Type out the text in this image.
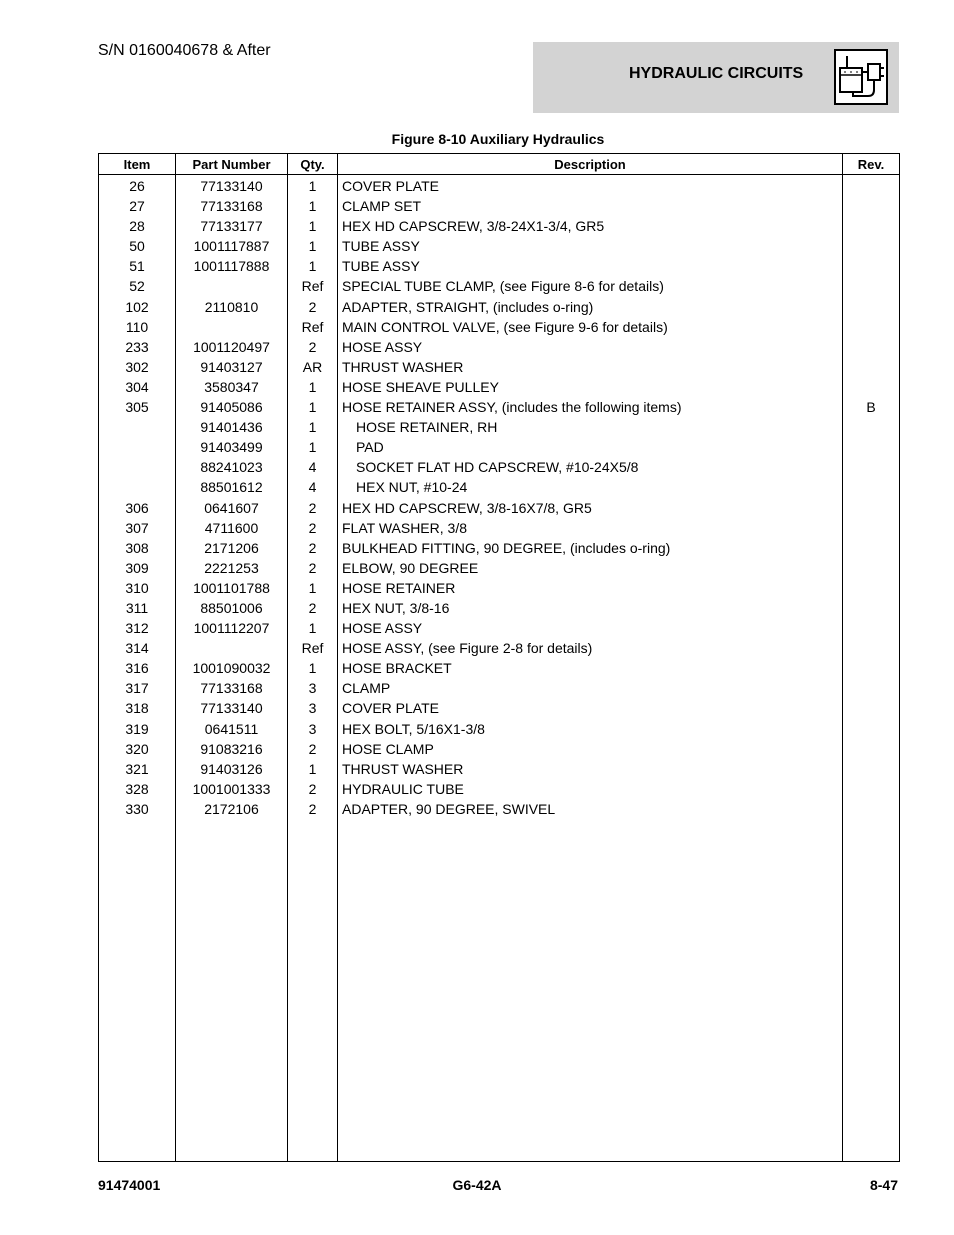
S/N 0160040678 & After
HYDRAULIC CIRCUITS
Figure 8-10 Auxiliary Hydraulics
Item	Part Number	Qty.	Description	Rev.
26	77133140	1	COVER PLATE	
27	77133168	1	CLAMP SET	
28	77133177	1	HEX HD CAPSCREW, 3/8-24X1-3/4, GR5	
50	1001117887	1	TUBE ASSY	
51	1001117888	1	TUBE ASSY	
52		Ref	SPECIAL TUBE CLAMP, (see Figure 8-6 for details)	
102	2110810	2	ADAPTER, STRAIGHT, (includes o-ring)	
110		Ref	MAIN CONTROL VALVE, (see Figure 9-6 for details)	
233	1001120497	2	HOSE ASSY	
302	91403127	AR	THRUST WASHER	
304	3580347	1	HOSE SHEAVE PULLEY	
305	91405086	1	HOSE RETAINER ASSY, (includes the following items)	B
	91401436	1	HOSE RETAINER, RH	
	91403499	1	PAD	
	88241023	4	SOCKET FLAT HD CAPSCREW, #10-24X5/8	
	88501612	4	HEX NUT, #10-24	
306	0641607	2	HEX HD CAPSCREW, 3/8-16X7/8, GR5	
307	4711600	2	FLAT WASHER, 3/8	
308	2171206	2	BULKHEAD FITTING, 90 DEGREE, (includes o-ring)	
309	2221253	2	ELBOW, 90 DEGREE	
310	1001101788	1	HOSE RETAINER	
311	88501006	2	HEX NUT, 3/8-16	
312	1001112207	1	HOSE ASSY	
314		Ref	HOSE ASSY, (see Figure 2-8 for details)	
316	1001090032	1	HOSE BRACKET	
317	77133168	3	CLAMP	
318	77133140	3	COVER PLATE	
319	0641511	3	HEX BOLT, 5/16X1-3/8	
320	91083216	2	HOSE CLAMP	
321	91403126	1	THRUST WASHER	
328	1001001333	2	HYDRAULIC TUBE	
330	2172106	2	ADAPTER, 90 DEGREE, SWIVEL	

91474001	G6-42A	8-47
